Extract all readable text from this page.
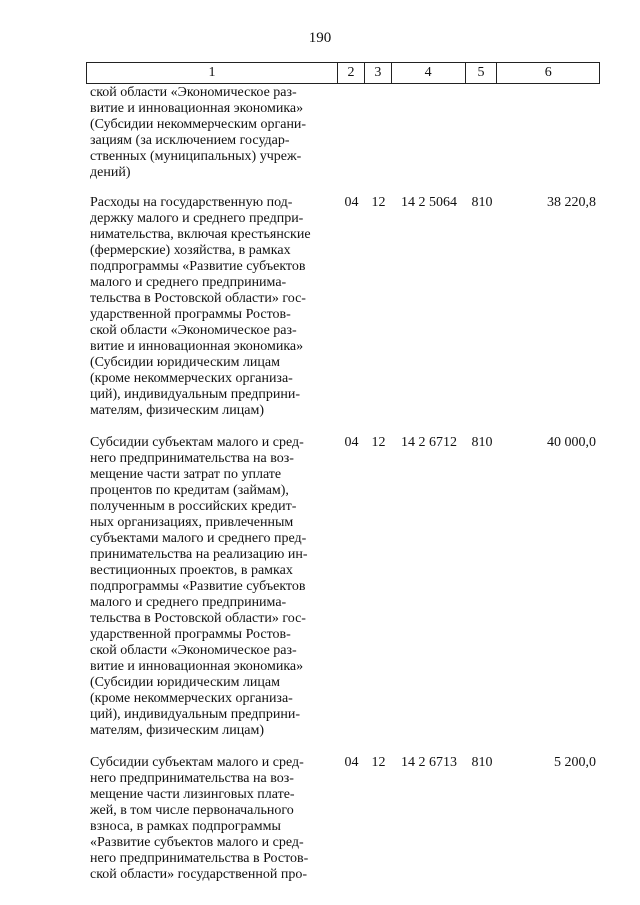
190
1	2	3	4	5	6
ской области «Экономическое раз-
витие и инновационная экономика»
(Субсидии некоммерческим органи-
зациям (за исключением государ-
ственных (муниципальных) учреж-
дений)
Расходы на государственную под-
держку малого и среднего предпри-
нимательства, включая крестьянские
(фермерские) хозяйства, в рамках
подпрограммы «Развитие субъектов
малого и среднего предпринима-
тельства в Ростовской области» гос-
ударственной программы Ростов-
ской области «Экономическое раз-
витие и инновационная экономика»
(Субсидии юридическим лицам
(кроме некоммерческих организа-
ций), индивидуальным предприни-
мателям, физическим лицам)
04 12	14 2 5064	810	38 220,8
Субсидии субъектам малого и сред-
него предпринимательства на воз-
мещение части затрат по уплате
процентов по кредитам (займам),
полученным в российских кредит-
ных организациях, привлеченным
субъектами малого и среднего пред-
принимательства на реализацию ин-
вестиционных проектов, в рамках
подпрограммы «Развитие субъектов
малого и среднего предпринима-
тельства в Ростовской области» гос-
ударственной программы Ростов-
ской области «Экономическое раз-
витие и инновационная экономика»
(Субсидии юридическим лицам
(кроме некоммерческих организа-
ций), индивидуальным предприни-
мателям, физическим лицам)
04 12	14 2 6712	810	40 000,0
Субсидии субъектам малого и сред-
него предпринимательства на воз-
мещение части лизинговых плате-
жей, в том числе первоначального
взноса, в рамках подпрограммы
«Развитие субъектов малого и сред-
него предпринимательства в Ростов-
ской области» государственной про-
04 12	14 2 6713	810	5 200,0
